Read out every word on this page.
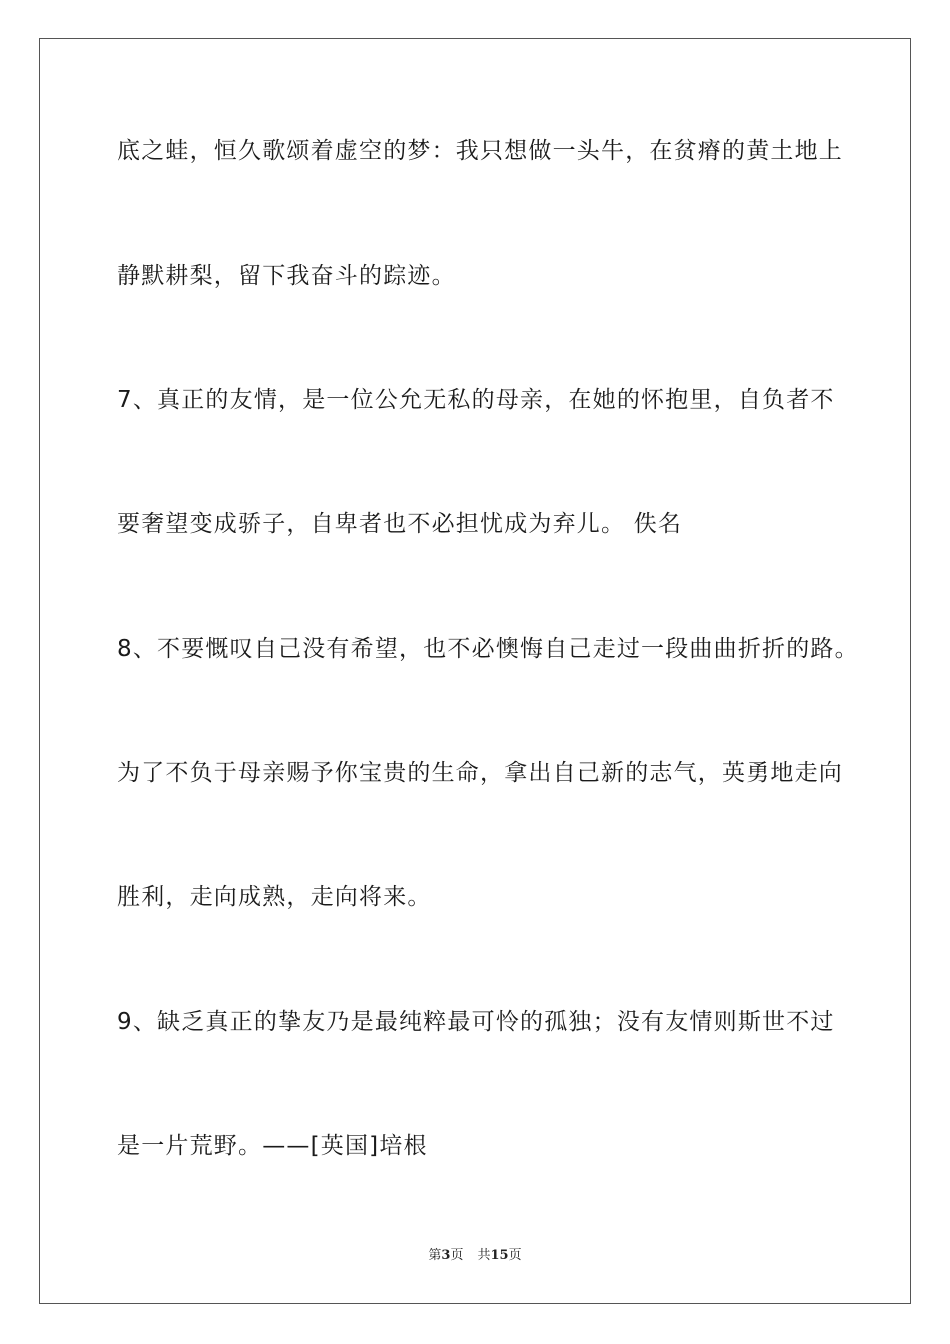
底之蛙，恒久歌颂着虚空的梦：我只想做一头牛，在贫瘠的黄土地上
静默耕梨，留下我奋斗的踪迹。
7、真正的友情，是一位公允无私的母亲，在她的怀抱里，自负者不
要奢望变成骄子，自卑者也不必担忧成为弃儿。 佚名
8、不要慨叹自己没有希望，也不必懊悔自己走过一段曲曲折折的路。
为了不负于母亲赐予你宝贵的生命，拿出自己新的志气，英勇地走向
胜利，走向成熟，走向将来。
9、缺乏真正的挚友乃是最纯粹最可怜的孤独；没有友情则斯世不过
是一片荒野。——[英国]培根
第3页 共15页
